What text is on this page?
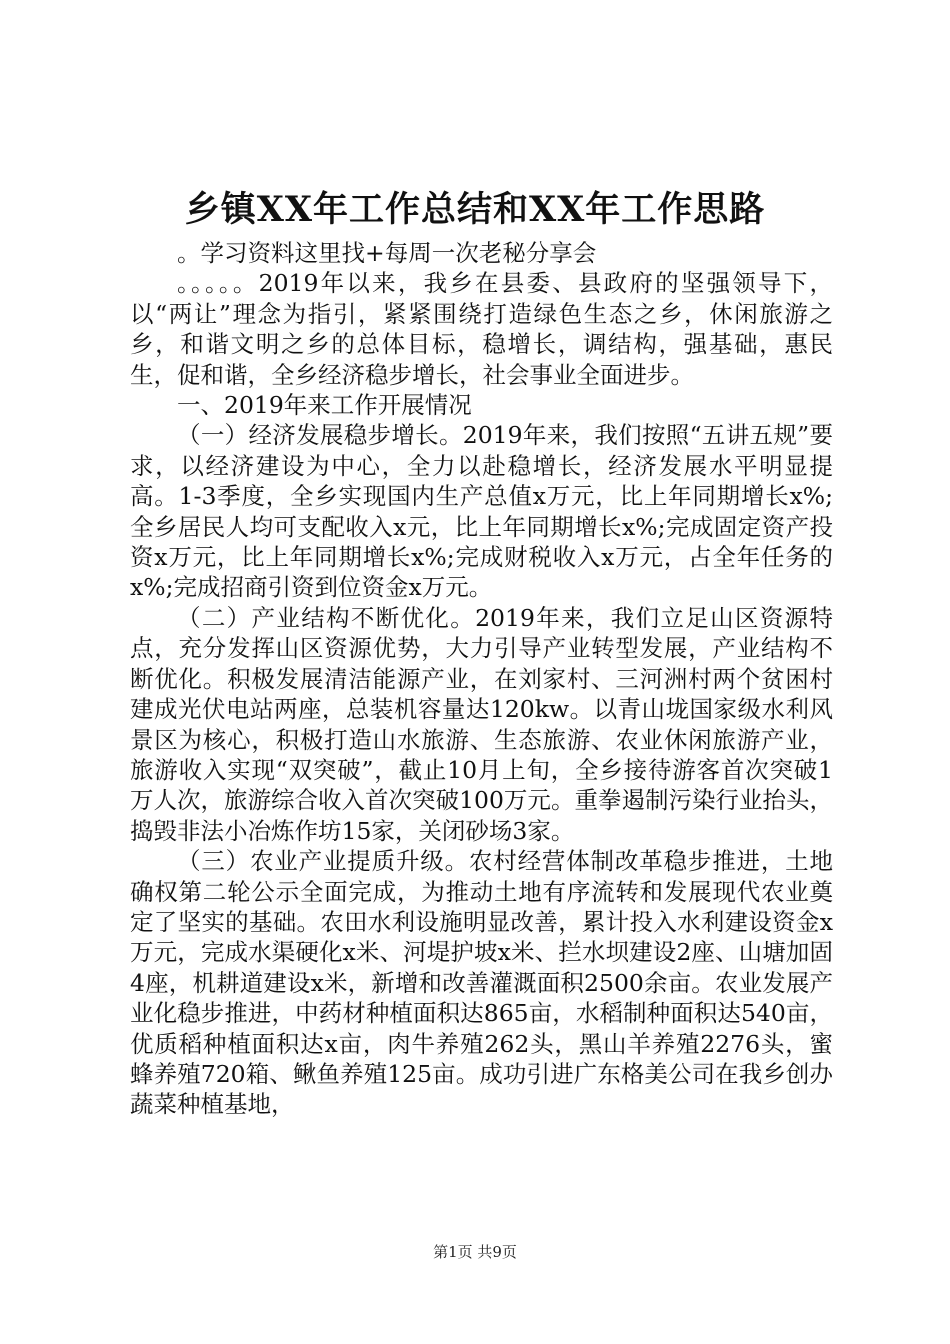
乡镇XX年工作总结和XX年工作思路

。学习资料这里找+每周一次老秘分享会

。。。。。2019年以来，我乡在县委、县政府的坚强领导下，以“两让”理念为指引，紧紧围绕打造绿色生态之乡，休闲旅游之乡，和谐文明之乡的总体目标，稳增长，调结构，强基础，惠民生，促和谐，全乡经济稳步增长，社会事业全面进步。

一、2019年来工作开展情况

（一）经济发展稳步增长。2019年来，我们按照“五讲五规”要求，以经济建设为中心，全力以赴稳增长，经济发展水平明显提高。1-3季度，全乡实现国内生产总值x万元，比上年同期增长x%;全乡居民人均可支配收入x元，比上年同期增长x%;完成固定资产投资x万元，比上年同期增长x%;完成财税收入x万元，占全年任务的x%;完成招商引资到位资金x万元。

（二）产业结构不断优化。2019年来，我们立足山区资源特点，充分发挥山区资源优势，大力引导产业转型发展，产业结构不断优化。积极发展清洁能源产业，在刘家村、三河洲村两个贫困村建成光伏电站两座，总装机容量达120kw。以青山垅国家级水利风景区为核心，积极打造山水旅游、生态旅游、农业休闲旅游产业，旅游收入实现“双突破”，截止10月上旬，全乡接待游客首次突破1万人次，旅游综合收入首次突破100万元。重拳遏制污染行业抬头，捣毁非法小冶炼作坊15家，关闭砂场3家。

（三）农业产业提质升级。农村经营体制改革稳步推进，土地确权第二轮公示全面完成，为推动土地有序流转和发展现代农业奠定了坚实的基础。农田水利设施明显改善，累计投入水利建设资金x万元，完成水渠硬化x米、河堤护坡x米、拦水坝建设2座、山塘加固4座，机耕道建设x米，新增和改善灌溉面积2500余亩。农业发展产业化稳步推进，中药材种植面积达865亩，水稻制种面积达540亩，优质稻种植面积达x亩，肉牛养殖262头，黑山羊养殖2276头，蜜蜂养殖720箱、鳅鱼养殖125亩。成功引进广东格美公司在我乡创办蔬菜种植基地，

第1页 共9页
